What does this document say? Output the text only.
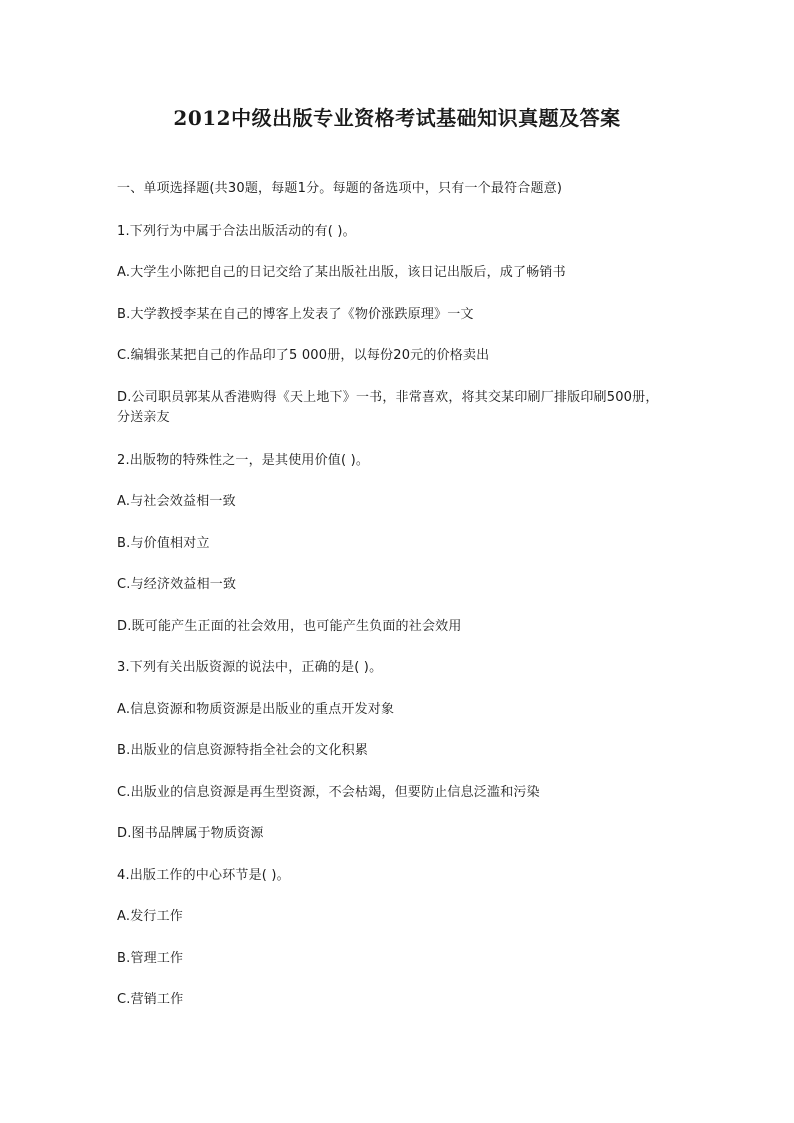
2012中级出版专业资格考试基础知识真题及答案
一、单项选择题(共30题，每题1分。每题的备选项中，只有一个最符合题意)
1.下列行为中属于合法出版活动的有( )。
A.大学生小陈把自己的日记交给了某出版社出版，该日记出版后，成了畅销书
B.大学教授李某在自己的博客上发表了《物价涨跌原理》一文
C.编辑张某把自己的作品印了5 000册，以每份20元的价格卖出
D.公司职员郭某从香港购得《天上地下》一书，非常喜欢，将其交某印刷厂排版印刷500册，分送亲友
2.出版物的特殊性之一，是其使用价值( )。
A.与社会效益相一致
B.与价值相对立
C.与经济效益相一致
D.既可能产生正面的社会效用，也可能产生负面的社会效用
3.下列有关出版资源的说法中，正确的是( )。
A.信息资源和物质资源是出版业的重点开发对象
B.出版业的信息资源特指全社会的文化积累
C.出版业的信息资源是再生型资源，不会枯竭，但要防止信息泛滥和污染
D.图书品牌属于物质资源
4.出版工作的中心环节是( )。
A.发行工作
B.管理工作
C.营销工作
